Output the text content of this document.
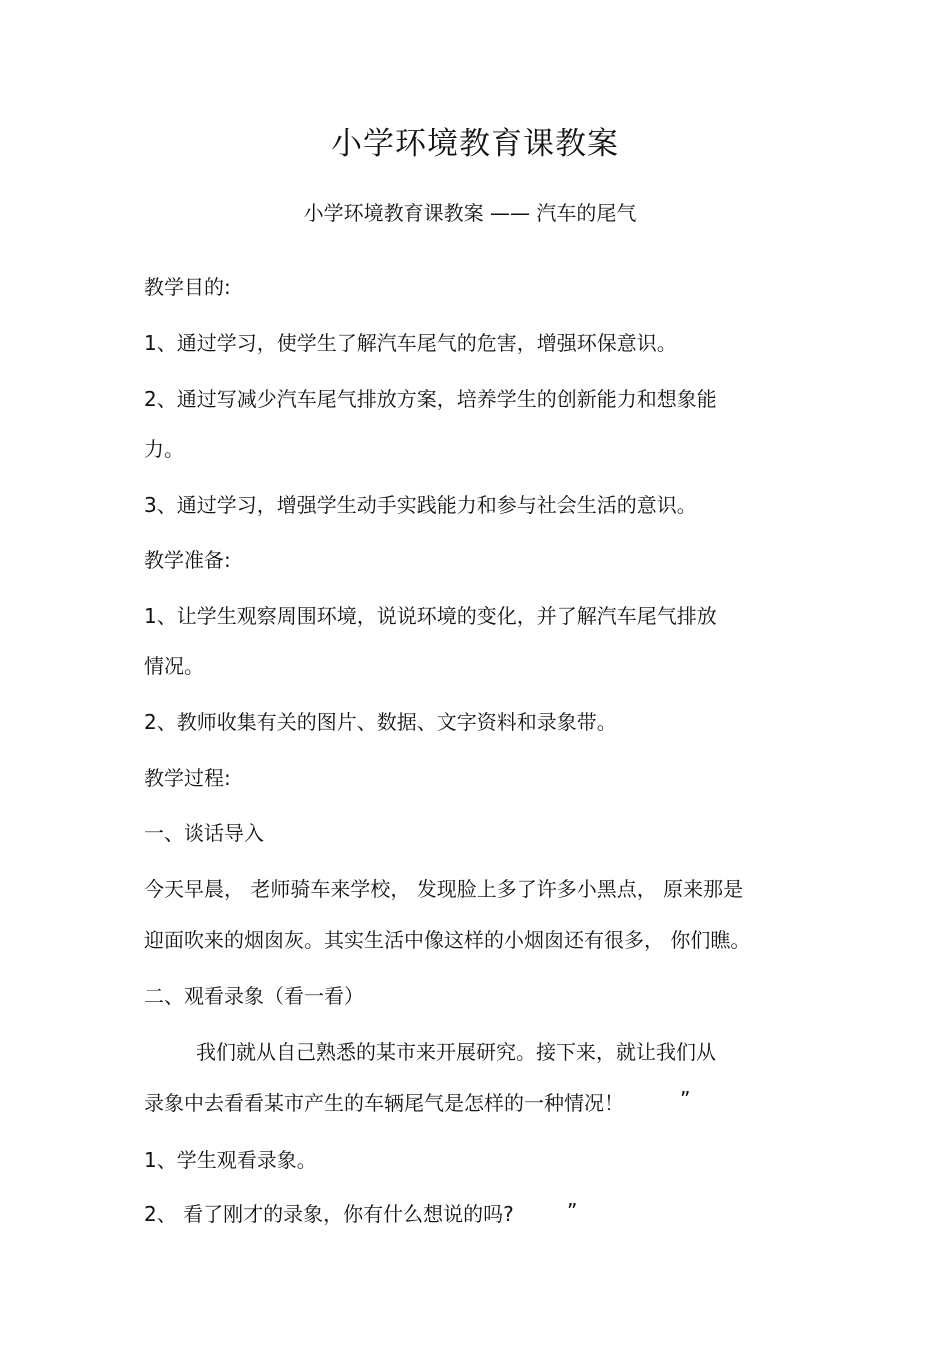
小学环境教育课教案
小学环境教育课教案 —— 汽车的尾气
教学目的:
1、通过学习，使学生了解汽车尾气的危害，增强环保意识。
2、通过写减少汽车尾气排放方案，培养学生的创新能力和想象能
力。
3、通过学习，增强学生动手实践能力和参与社会生活的意识。
教学准备:
1、让学生观察周围环境，说说环境的变化，并了解汽车尾气排放
情况。
2、教师收集有关的图片、数据、文字资料和录象带。
教学过程:
一、谈话导入
今天早晨， 老师骑车来学校， 发现脸上多了许多小黑点， 原来那是
迎面吹来的烟囱灰。其实生活中像这样的小烟囱还有很多， 你们瞧。
二、观看录象（看一看）
我们就从自己熟悉的某市来开展研究。接下来，就让我们从
录象中去看看某市产生的车辆尾气是怎样的一种情况！	”
1、学生观看录象。
2、 看了刚才的录象，你有什么想说的吗?	”
